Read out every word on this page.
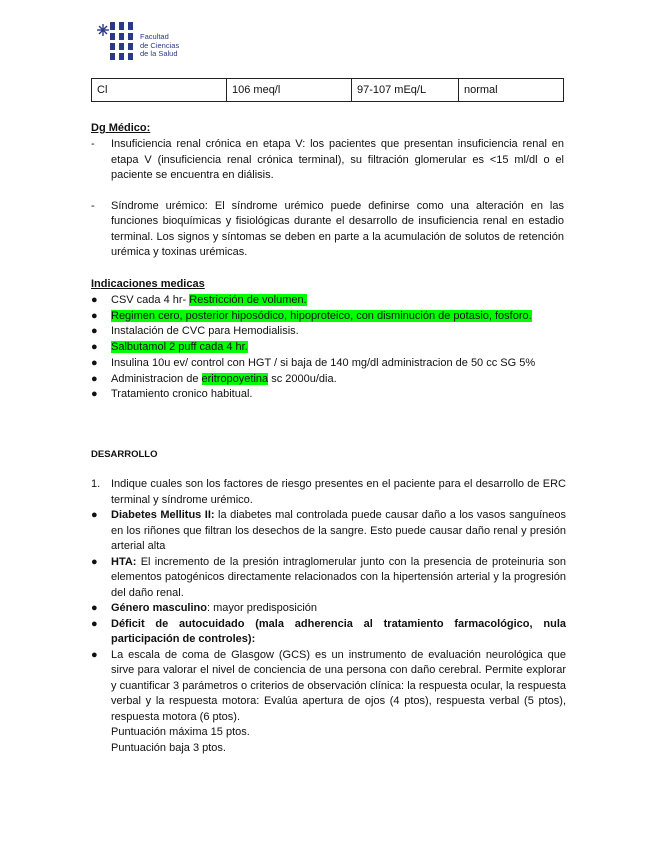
Facultad
de Ciencias
de la Salud
Cl	106 meq/l	97-107 mEq/L	normal
Dg Médico:
- Insuficiencia renal crónica en etapa V: los pacientes que presentan insuficiencia renal en etapa V (insuficiencia renal crónica terminal), su filtración glomerular es <15 ml/dl o el paciente se encuentra en diálisis.
- Síndrome urémico: El síndrome urémico puede definirse como una alteración en las funciones bioquímicas y fisiológicas durante el desarrollo de insuficiencia renal en estadio terminal. Los signos y síntomas se deben en parte a la acumulación de solutos de retención urémica y toxinas urémicas.
Indicaciones medicas
● CSV cada 4 hr- Restricción de volumen.
● Regimen cero, posterior hiposódico, hipoproteico, con disminución de potasio, fosforo.
● Instalación de CVC para Hemodialisis.
● Salbutamol 2 puff cada 4 hr.
● Insulina 10u ev/ control con HGT / si baja de 140 mg/dl administracion de 50 cc SG 5%
● Administracion de eritropoyetina sc 2000u/dia.
● Tratamiento cronico habitual.
DESARROLLO
1. Indique cuales son los factores de riesgo presentes en el paciente para el desarrollo de ERC terminal y síndrome urémico.
● Diabetes Mellitus II: la diabetes mal controlada puede causar daño a los vasos sanguíneos en los riñones que filtran los desechos de la sangre. Esto puede causar daño renal y presión arterial alta
● HTA: El incremento de la presión intraglomerular junto con la presencia de proteinuria son elementos patogénicos directamente relacionados con la hipertensión arterial y la progresión del daño renal.
● Género masculino: mayor predisposición
● Déficit de autocuidado (mala adherencia al tratamiento farmacológico, nula participación de controles):
● La escala de coma de Glasgow (GCS) es un instrumento de evaluación neurológica que sirve para valorar el nivel de conciencia de una persona con daño cerebral. Permite explorar y cuantificar 3 parámetros o criterios de observación clínica: la respuesta ocular, la respuesta verbal y la respuesta motora: Evalúa apertura de ojos (4 ptos), respuesta verbal (5 ptos), respuesta motora (6 ptos).
Puntuación máxima 15 ptos.
Puntuación baja 3 ptos.
